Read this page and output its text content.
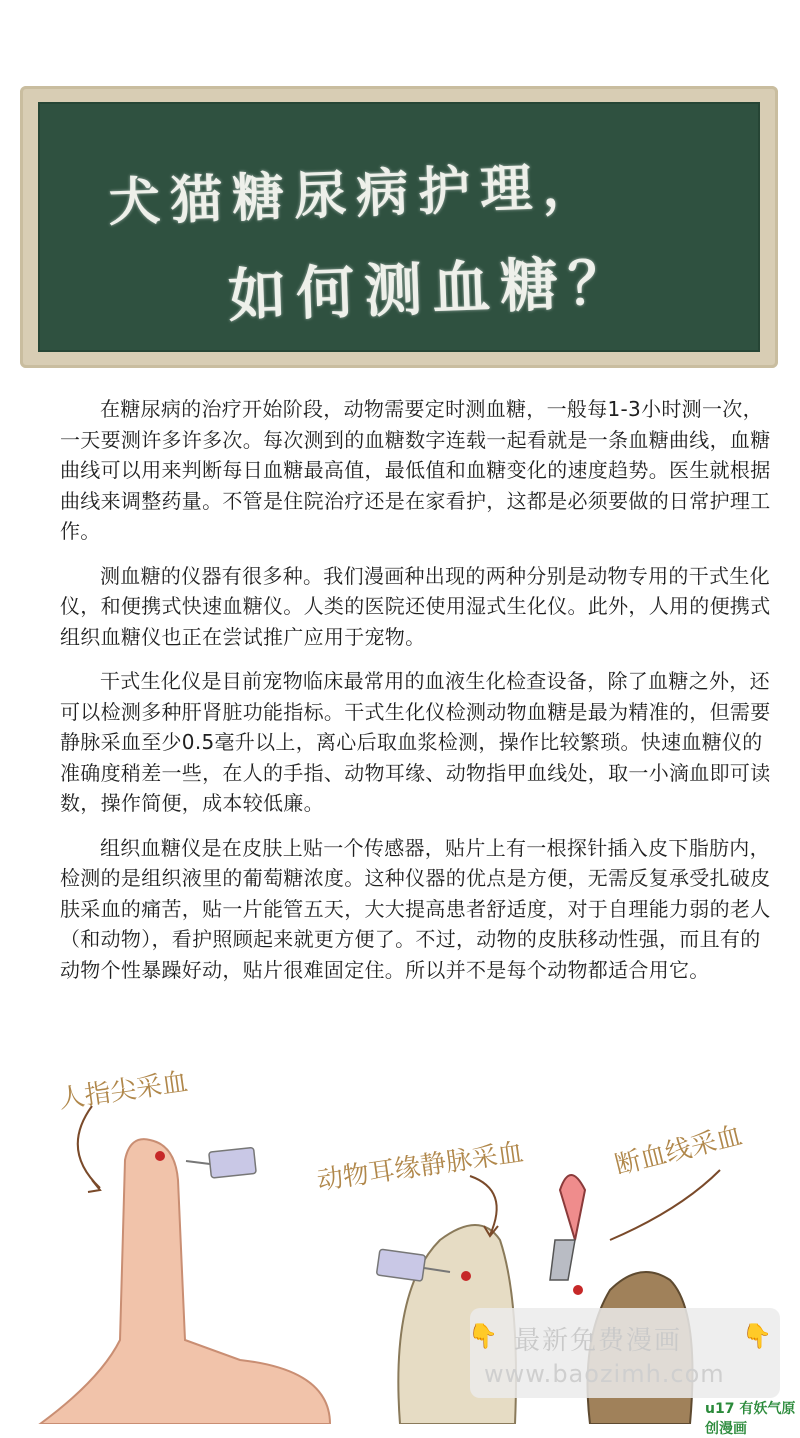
犬猫糖尿病护理，
如何测血糖？

在糖尿病的治疗开始阶段，动物需要定时测血糖，一般每1-3小时测一次，一天要测许多许多次。每次测到的血糖数字连载一起看就是一条血糖曲线，血糖曲线可以用来判断每日血糖最高值，最低值和血糖变化的速度趋势。医生就根据曲线来调整药量。不管是住院治疗还是在家看护，这都是必须要做的日常护理工作。

测血糖的仪器有很多种。我们漫画种出现的两种分别是动物专用的干式生化仪，和便携式快速血糖仪。人类的医院还使用湿式生化仪。此外，人用的便携式组织血糖仪也正在尝试推广应用于宠物。

干式生化仪是目前宠物临床最常用的血液生化检查设备，除了血糖之外，还可以检测多种肝肾脏功能指标。干式生化仪检测动物血糖是最为精准的，但需要静脉采血至少0.5毫升以上，离心后取血浆检测，操作比较繁琐。快速血糖仪的准确度稍差一些，在人的手指、动物耳缘、动物指甲血线处，取一小滴血即可读数，操作简便，成本较低廉。

组织血糖仪是在皮肤上贴一个传感器，贴片上有一根探针插入皮下脂肪内，检测的是组织液里的葡萄糖浓度。这种仪器的优点是方便，无需反复承受扎破皮肤采血的痛苦，贴一片能管五天，大大提高患者舒适度，对于自理能力弱的老人（和动物），看护照顾起来就更方便了。不过，动物的皮肤移动性强，而且有的动物个性暴躁好动，贴片很难固定住。所以并不是每个动物都适合用它。

人指尖采血
动物耳缘静脉采血	断血线采血
👇 最新免费漫画	👇
www.baozimh.com
u17 有妖气原创漫画
